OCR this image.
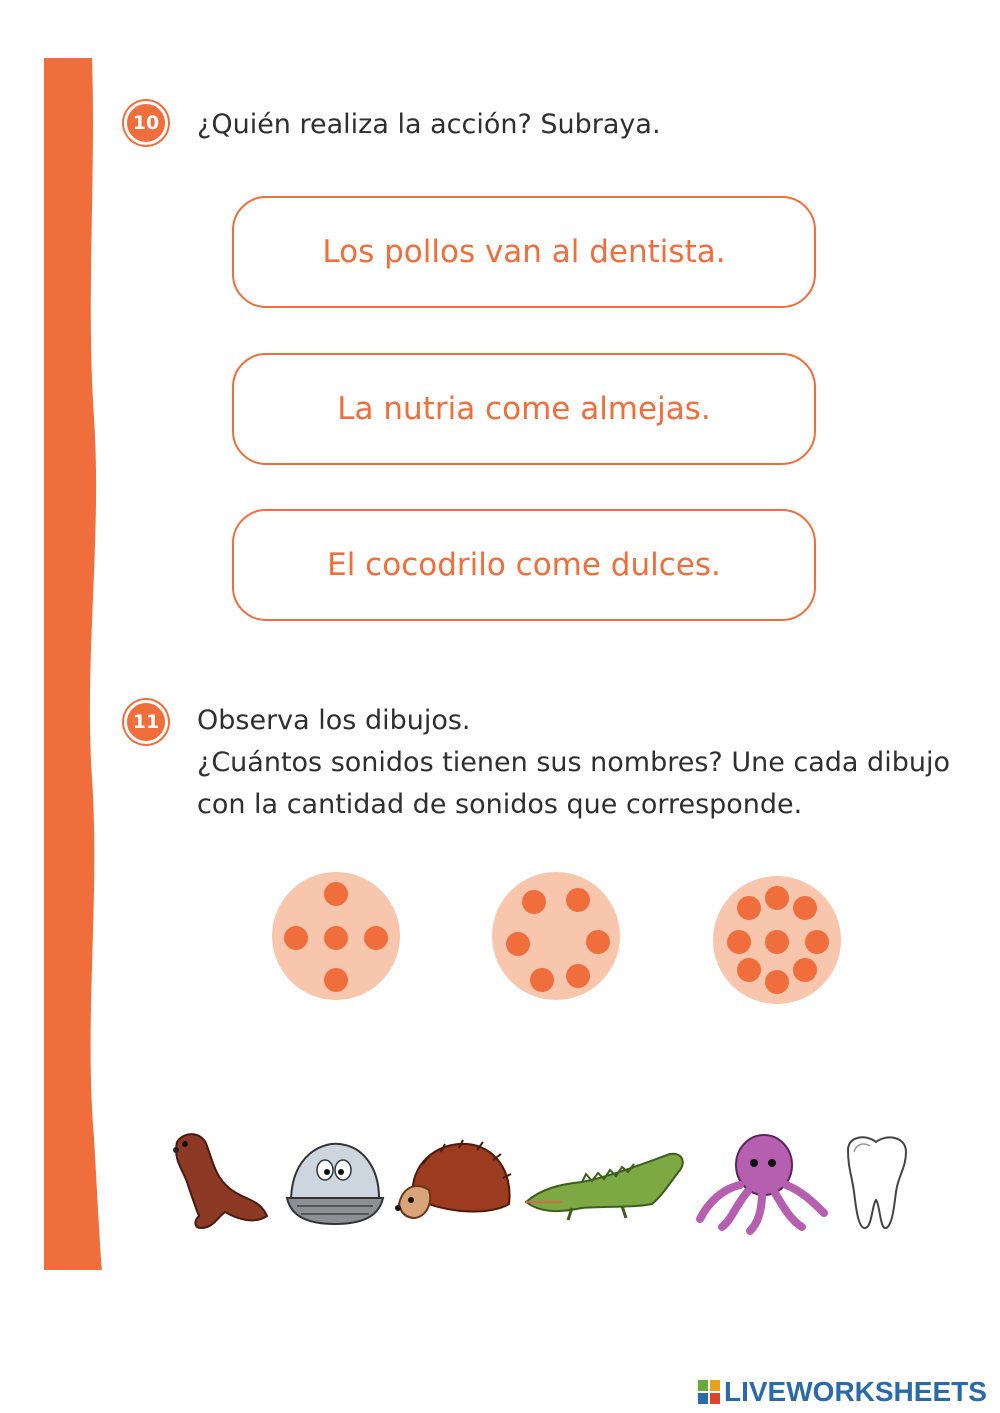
10 ¿Quién realiza la acción? Subraya.
Los pollos van al dentista.
La nutria come almejas.
El cocodrilo come dulces.
11 Observa los dibujos.
¿Cuántos sonidos tienen sus nombres? Une cada dibujo
con la cantidad de sonidos que corresponde.
LIVEWORKSHEETS
